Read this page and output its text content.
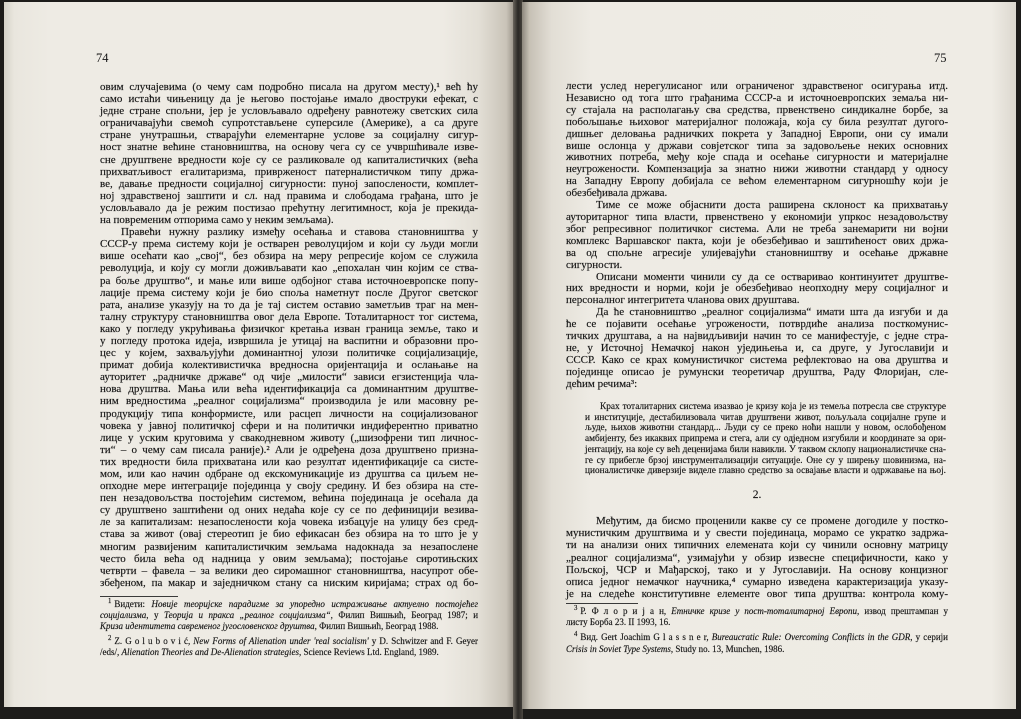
74
овим случајевима (о чему сам подробно писала на другом месту),¹ већ ћу
само истаћи чињеницу да је његово постојање имало двоструки ефекат, с
једне стране спољни, јер је условљавало одређену равнотежу светских сила
ограничавајући свемоћ супротстављене суперсиле (Америке), а са друге
стране унутрашњи, стварајући елементарне услове за социјалну сигур-
ност знатне већине становништва, на основу чега су се учвршћивале изве-
сне друштвене вредности које су се разликовале од капиталистичких (већа
прихватљивост егалитаризма, приврженост патерналистичком типу држа-
ве, давање предности социјалној сигурности: пуној запослености, комплет-
ној здравственој заштити и сл. над правима и слободама грађана, што је
условљавало да је режим постизао прећутну легитимност, која је прекида-
на повременим отпорима само у неким земљама).
Правећи нужну разлику између осећања и ставова становништва у
СССР-у према систему који је остварен револуцијом и који су људи могли
више осећати као „свој“, без обзира на меру репресије којом се служила
револуција, и коју су могли доживљавати као „епохалан чин којим се ства-
ра боље друштво“, и мање или више одбојног става источноевропске попу-
лације према систему који је био споља наметнут после Другог светског
рата, анализе указују на то да је тај систем оставио заметљив траг на мен-
талну структуру становништва овог дела Европе. Тоталитарност тог система,
како у погледу укрућивања физичког кретања изван граница земље, тако и
у погледу протока идеја, извршила је утицај на васпитни и образовни про-
цес у којем, захваљујући доминантној улози политичке социјализације,
примат добија колективистичка вредносна оријентација и ослањање на
ауторитет „радничке државе“ од чије „милости“ зависи егзистенција чла-
нова друштва. Мања или већа идентификација са доминантним друштве-
ним вредностима „реалног социјализма“ производила је или масовну ре-
продукцију типа конформисте, или расцеп личности на социјализованог
човека у јавној политичкој сфери и на политички индиферентно приватно
лице у уским круговима у свакодневном животу („шизофрени тип личнос-
ти“ – о чему сам писала раније).² Али је одређена доза друштвено призна-
тих вредности била прихватана или као резултат идентификације са систе-
мом, или као начин одбране од екскомуникације из друштва са циљем не-
опходне мере интеграције појединца у своју средину. И без обзира на сте-
пен незадовољства постојећим системом, већина појединаца је осећала да
су друштвено заштићени од оних недаћа које су се по дефиницији везива-
ле за капитализам: незапослености која човека избацује на улицу без сред-
става за живот (овај стереотип је био ефикасан без обзира на то што је у
многим развијеним капиталистичким земљама надокнада за незапослене
често била већа од надница у овим земљама); постојање сиротињских
четврти – фавела – за велики део сиромашног становништва, насупрот обе-
збеђеном, па макар и заједничком стану са ниским киријама; страх од бо-
$^1$ Видети: Новије теоријске парадигме за упоредно истраживање актуелно постојећег
социјализма, у Теорија и пракса „реалног социјализма“, Филип Вишњић, Београд 1987; и
Криза идентитета савременог југословенског друштва, Филип Вишњић, Београд 1988.
$^2$ Z. G o l u b o v i ć, New Forms of Alienation under 'real socialism' у D. Schwitzer and F. Geyer
/eds/, Alienation Theories and De-Alienation strategies, Science Reviews Ltd. England, 1989.
75
лести услед нерегулисаног или ограниченог здравственог осигурања итд.
Независно од тога што грађанима СССР-а и источноевропских земаља ни-
су стајала на располагању сва средства, првенствено синдикалне борбе, за
побољшање њиховог материјалног положаја, која су била резултат дугого-
дишњег деловања радничких покрета у Западној Европи, они су имали
више ослонца у држави совјетског типа за задовољење неких основних
животних потреба, међу које спада и осећање сигурности и материјалне
неугрожености. Компензација за знатно нижи животни стандард у односу
на Западну Европу добијала се већом елементарном сигурношћу који је
обезбеђивала држава.
Тиме се може објаснити доста раширена склоност ка прихватању
ауторитарног типа власти, првенствено у економији упркос незадовољству
због репресивног политичког система. Али не треба занемарити ни војни
комплекс Варшавског пакта, који је обезбеђивао и заштићеност ових држа-
ва од спољне агресије улијевајући становништву и осећање државне
сигурности.
Описани моменти чинили су да се остваривао континуитет друштве-
них вредности и норми, који је обезбеђивао неопходну меру социјалног и
персоналног интегритета чланова ових друштава.
Да ће становништво „реалног социјализма“ имати шта да изгуби и да
ће се појавити осећање угрожености, потврдиће анализа посткомунис-
тичких друштава, а на највидљивији начин то се манифестује, с једне стра-
не, у Источној Немачкој након уједињења и, са друге, у Југославији и
СССР. Како се крах комунистичког система рефлектовао на ова друштва и
појединце описао је румунски теоретичар друштва, Раду Флоријан, сле-
дећим речима³:
Крах тоталитарних система изазвао је кризу која је из темеља потресла све структуре
и институције, дестабилизовала читав друштвени живот, пољуљала социјалне групе и
људе, њихов животни стандард... Људи су се преко ноћи нашли у новом, ослобођеном
амбијенту, без икаквих припрема и стега, али су одједном изгубили и координате за ори-
јентацију, на које су већ деценијама били навикли. У таквом склопу националистичке сна-
ге су прибегле брзој инструментализацији ситуације. Оне су у ширењу шовинизма, на-
ционалистичке диверзије виделе главно средство за освајање власти и одржавање на њој.
2.
Међутим, да бисмо проценили какве су се промене догодиле у постко-
мунистичким друштвима и у свести појединаца, морамо се укратко задржа-
ти на анализи оних типичних елемената који су чинили основну матрицу
„реалног социјализма“, узимајући у обзир извесне специфичности, како у
Пољској, ЧСР и Мађарској, тако и у Југославији. На основу концизног
описа једног немачког научника,⁴ сумарно изведена карактеризација указу-
је на следеће конститутивне елементе овог типа друштва: контрола кому-
$^3$ Р. Ф л о р и ј а н, Етничке кризе у пост-тоталитарној Европи, извод прештампан у
листу Борба 23. II 1993, 16.
$^4$ Вид. Gert Joachim G l a s s n e r, Bureaucratic Rule: Overcoming Conflicts in the GDR, у серији
Crisis in Soviet Type Systems, Study no. 13, Munchen, 1986.
